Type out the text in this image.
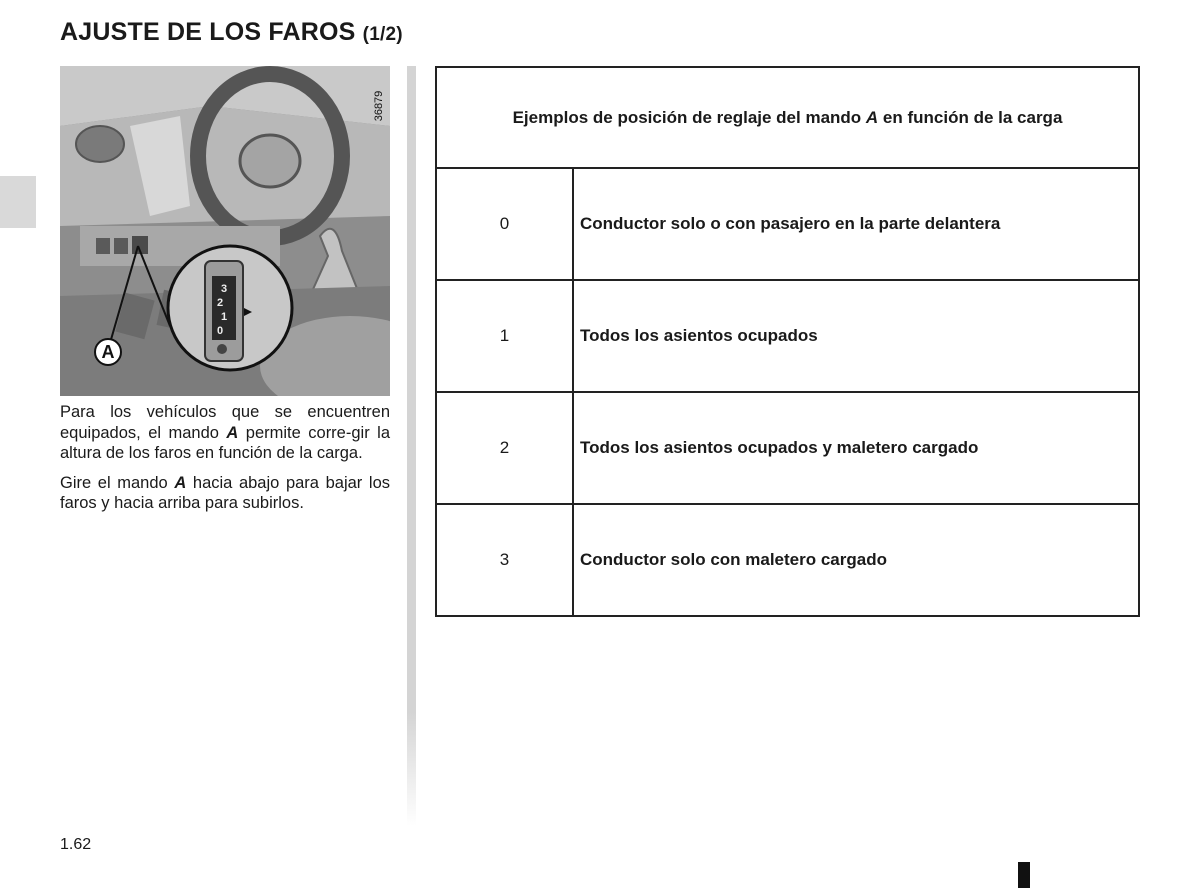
AJUSTE DE LOS FAROS (1/2)
3
2
1
0
A
36879

Para los vehículos que se encuentren equipados, el mando A permite corre-gir la altura de los faros en función de la carga.

Gire el mando A hacia abajo para bajar los faros y hacia arriba para subirlos.

Ejemplos de posición de reglaje del mando A en función de la carga	
0	Conductor solo o con pasajero en la parte delantera
1	Todos los asientos ocupados
2	Todos los asientos ocupados y maletero cargado
3	Conductor solo con maletero cargado
1.62
